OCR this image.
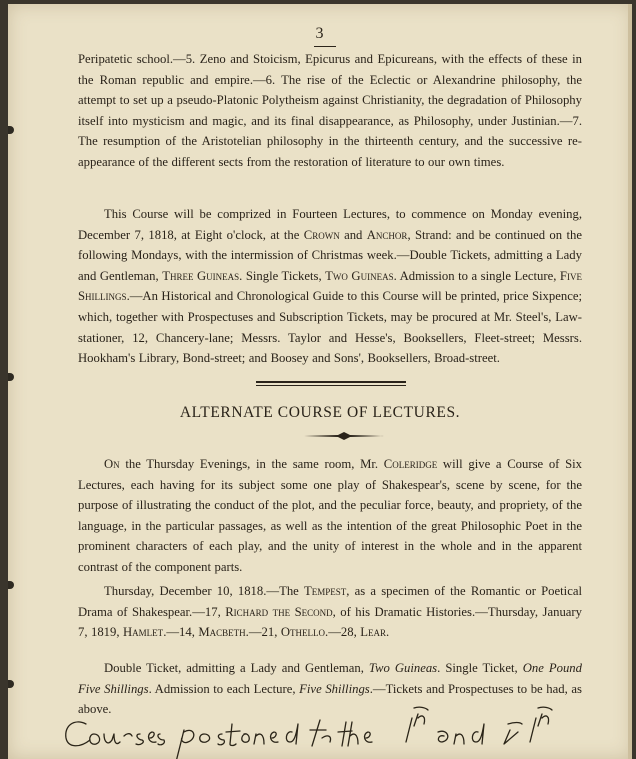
3
Peripatetic school.—5. Zeno and Stoicism, Epicurus and Epicureans, with the effects of these in the Roman republic and empire.—6. The rise of the Eclectic or Alexandrine philosophy, the attempt to set up a pseudo-Platonic Polytheism against Christianity, the degradation of Philosophy itself into mysticism and magic, and its final disappearance, as Philosophy, under Justinian.—7. The resumption of the Aristotelian philosophy in the thirteenth century, and the successive re-appearance of the different sects from the restoration of literature to our own times.
This Course will be comprized in Fourteen Lectures, to commence on Monday evening, December 7, 1818, at Eight o'clock, at the Crown and Anchor, Strand: and be continued on the following Mondays, with the intermission of Christmas week.—Double Tickets, admitting a Lady and Gentleman, Three Guineas. Single Tickets, Two Guineas. Admission to a single Lecture, Five Shillings.—An Historical and Chronological Guide to this Course will be printed, price Sixpence; which, together with Prospectuses and Subscription Tickets, may be procured at Mr. Steel's, Law-stationer, 12, Chancery-lane; Messrs. Taylor and Hesse's, Booksellers, Fleet-street; Messrs. Hookham's Library, Bond-street; and Boosey and Sons', Booksellers, Broad-street.
ALTERNATE COURSE OF LECTURES.
On the Thursday Evenings, in the same room, Mr. Coleridge will give a Course of Six Lectures, each having for its subject some one play of Shakespear's, scene by scene, for the purpose of illustrating the conduct of the plot, and the peculiar force, beauty, and propriety, of the language, in the particular passages, as well as the intention of the great Philosophic Poet in the prominent characters of each play, and the unity of interest in the whole and in the apparent contrast of the component parts.
Thursday, December 10, 1818.—The Tempest, as a specimen of the Romantic or Poetical Drama of Shakespear.—17, Richard the Second, of his Dramatic Histories.—Thursday, January 7, 1819, Hamlet.—14, Macbeth.—21, Othello.—28, Lear.
Double Ticket, admitting a Lady and Gentleman, Two Guineas. Single Ticket, One Pound Five Shillings. Admission to each Lecture, Five Shillings.—Tickets and Prospectuses to be had, as above.
